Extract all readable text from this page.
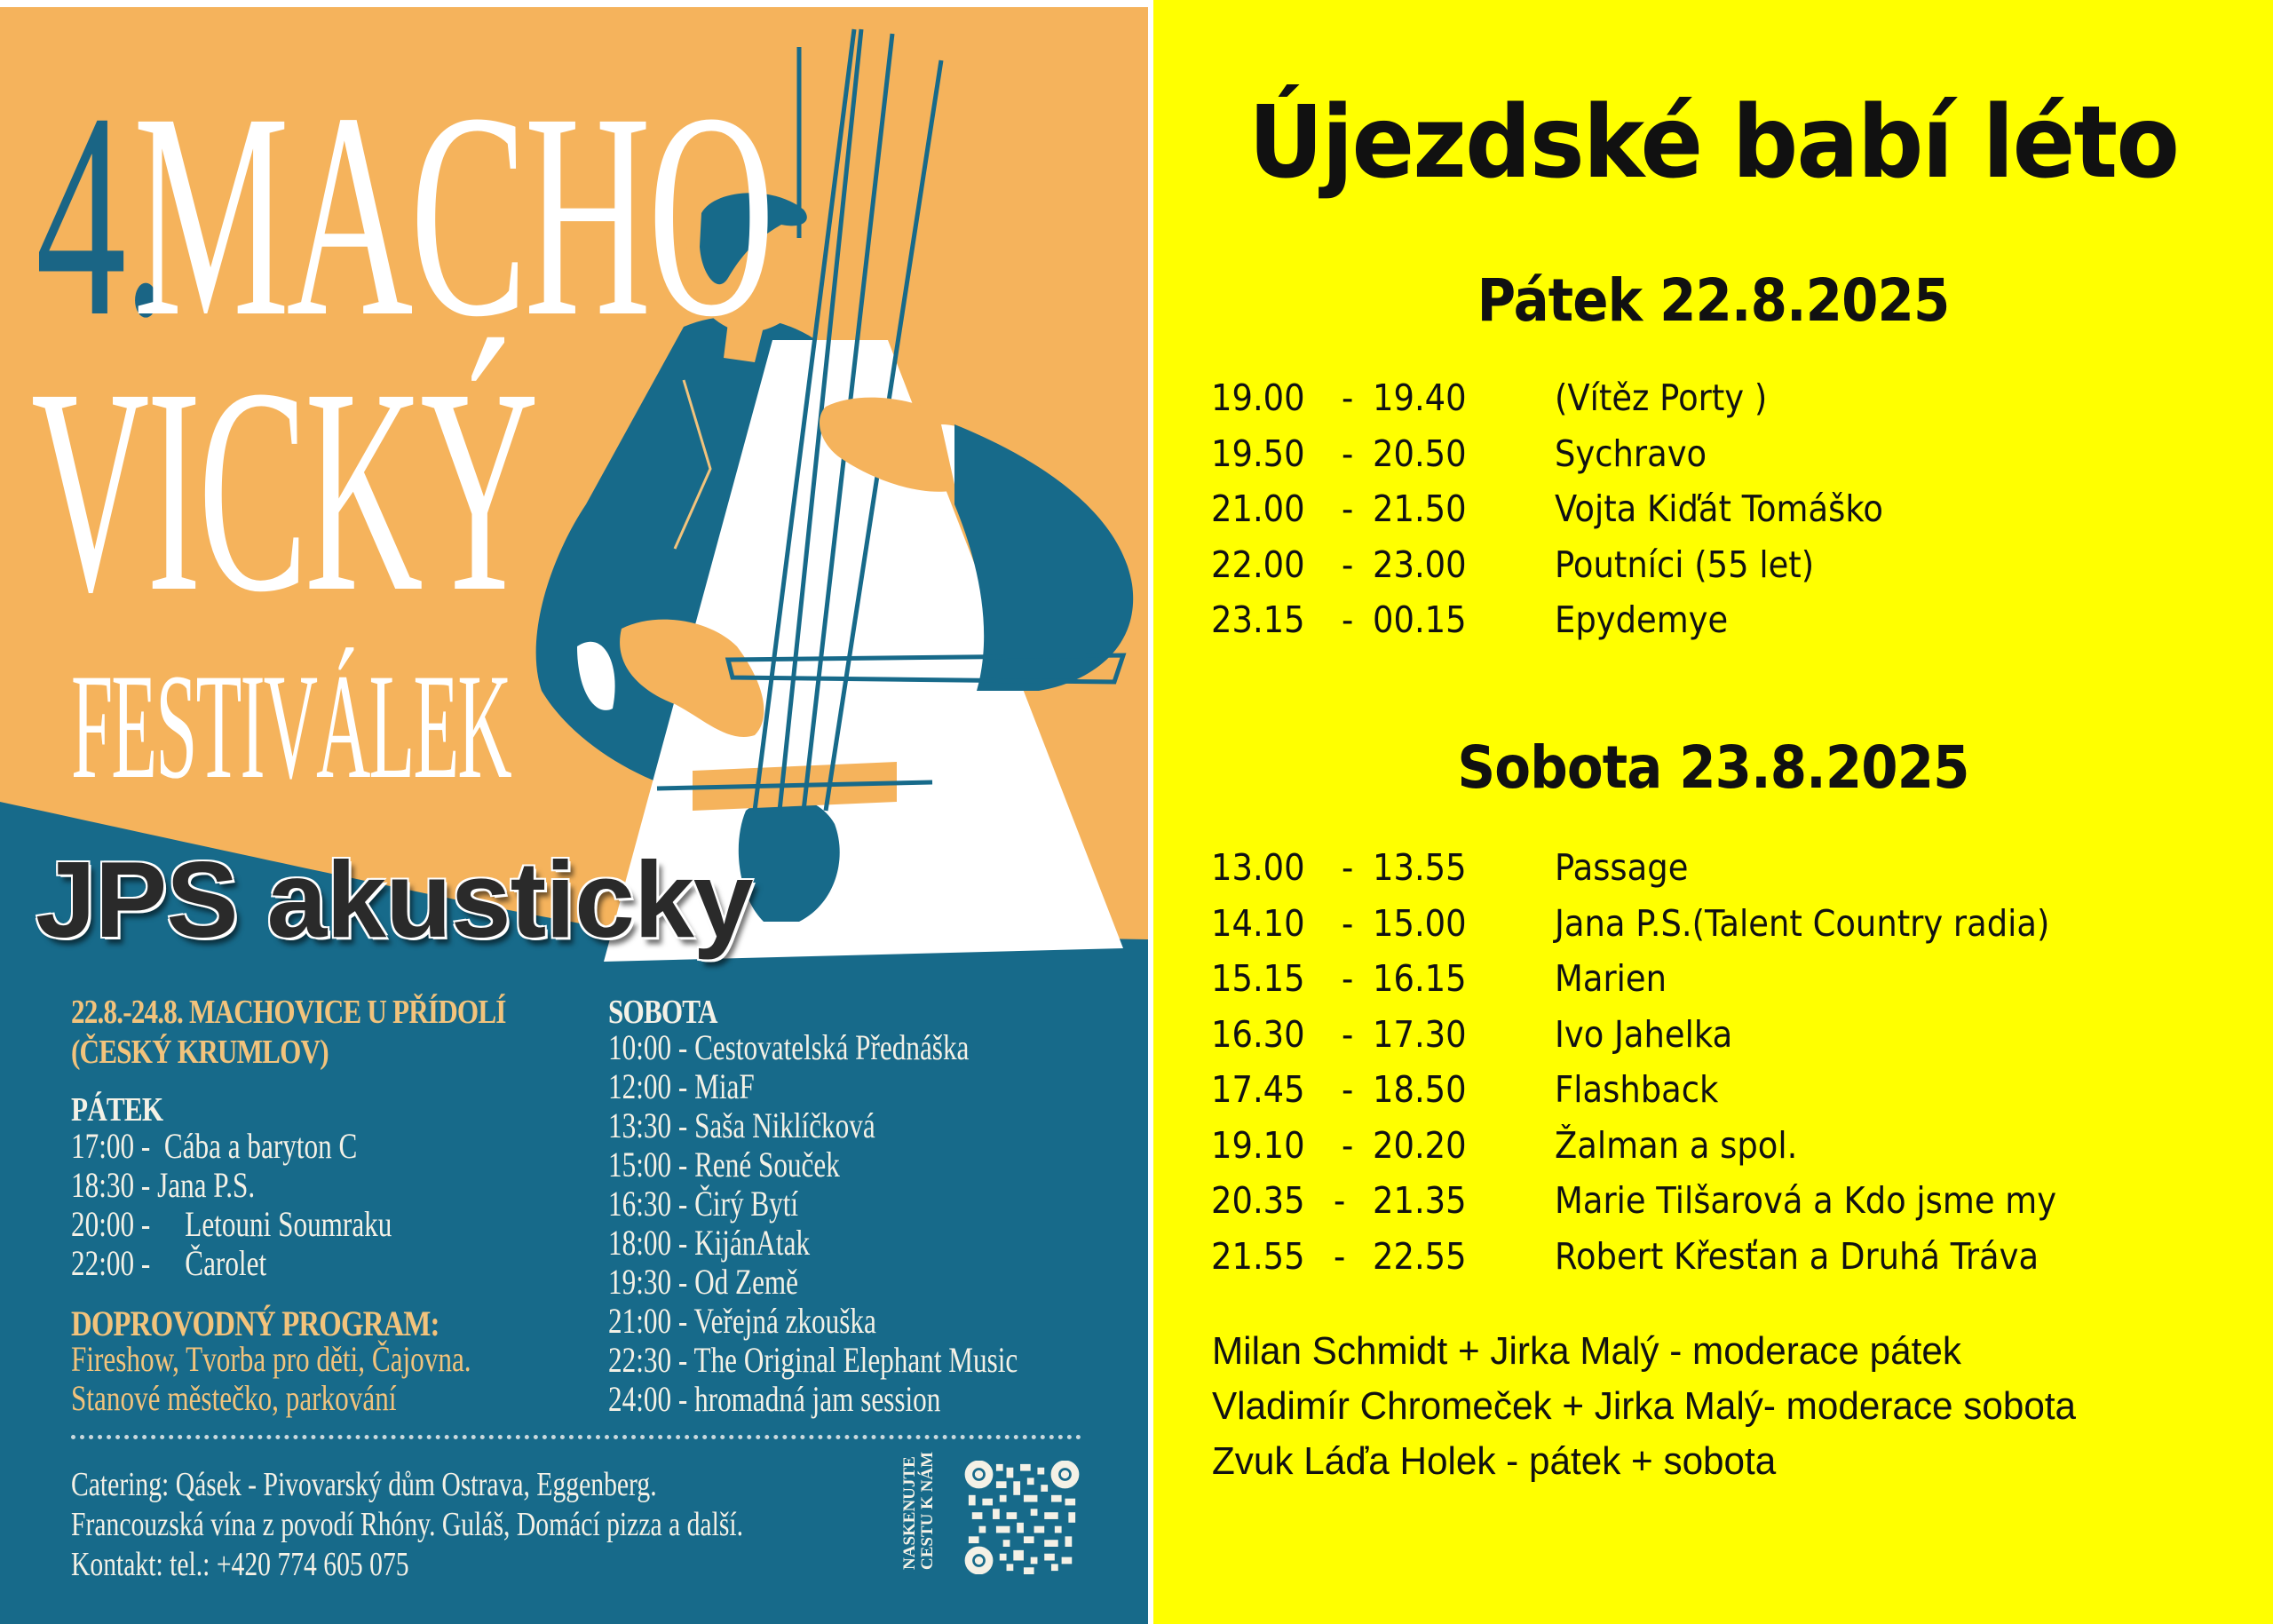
4.
MACHO
VICKÝ
FESTIVÁLEK
JPS akusticky
22.8.-24.8. MACHOVICE U PŘÍDOLÍ
(ČESKÝ KRUMLOV)
PÁTEK
17:00 - Cába a baryton C
18:30 - Jana P.S.
20:00 - Letouni Soumraku
22:00 - Čarolet
DOPROVODNÝ PROGRAM:
Fireshow, Tvorba pro děti, Čajovna.
Stanové městečko, parkování
SOBOTA
10:00 - Cestovatelská Přednáška
12:00 - MiaF
13:30 - Saša Niklíčková
15:00 - René Souček
16:30 - Čirý Bytí
18:00 - KijánAtak
19:30 - Od Země
21:00 - Veřejná zkouška
22:30 - The Original Elephant Music
24:00 - hromadná jam session
Catering: Qásek - Pivovarský dům Ostrava, Eggenberg.
Francouzská vína z povodí Rhóny. Guláš, Domácí pizza a další.
Kontakt: tel.: +420 774 605 075	NASKENUJTE
CESTU K NÁM
Újezdské babí léto
Pátek 22.8.2025
19.00 - 19.40 (Vítěz Porty )
19.50 - 20.50 Sychravo
21.00 - 21.50 Vojta Kiďát Tomáško
22.00 - 23.00 Poutníci (55 let)
23.15 - 00.15 Epydemye
Sobota 23.8.2025
13.00 - 13.55 Passage
14.10 - 15.00 Jana P.S.(Talent Country radia)
15.15 - 16.15 Marien
16.30 - 17.30 Ivo Jahelka
17.45 - 18.50 Flashback
19.10 - 20.20 Žalman a spol.
20.35 - 21.35 Marie Tilšarová a Kdo jsme my
21.55 - 22.55 Robert Křesťan a Druhá Tráva
Milan Schmidt + Jirka Malý - moderace pátek
Vladimír Chromeček + Jirka Malý- moderace sobota
Zvuk Láďa Holek - pátek + sobota
